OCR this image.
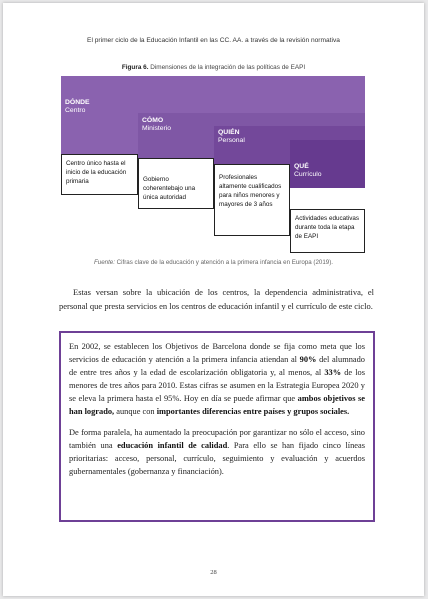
El primer ciclo de la Educación Infantil en las CC. AA. a través de la revisión normativa
Figura 6. Dimensiones de la integración de las políticas de EAPI
DÓNDE
Centro
CÓMO
Ministerio
QUIÉN
Personal
QUÉ
Currículo
Centro único hasta el inicio de la educación primaria	Gobierno coherentebajo una única autoridad
Profesionales altamente cualificados para niños menores y mayores de 3 años
Actividades educativas durante toda la etapa de EAPI
Fuente: Cifras clave de la educación y atención a la primera infancia en Europa (2019).
Estas versan sobre la ubicación de los centros, la dependencia administrativa, el personal que presta servicios en los centros de educación infantil y el currículo de este ciclo.

En 2002, se establecen los Objetivos de Barcelona donde se fija como meta que los servicios de educación y atención a la primera infancia atiendan al 90% del alumnado de entre tres años y la edad de escolarización obligatoria y, al menos, al 33% de los menores de tres años para 2010. Estas cifras se asumen en la Estrategia Europea 2020 y se eleva la primera hasta el 95%. Hoy en día se puede afirmar que ambos objetivos se han logrado, aunque con importantes diferencias entre países y grupos sociales.

De forma paralela, ha aumentado la preocupación por garantizar no sólo el acceso, sino también una educación infantil de calidad. Para ello se han fijado cinco líneas prioritarias: acceso, personal, currículo, seguimiento y evaluación y acuerdos gubernamentales (gobernanza y financiación).

28
